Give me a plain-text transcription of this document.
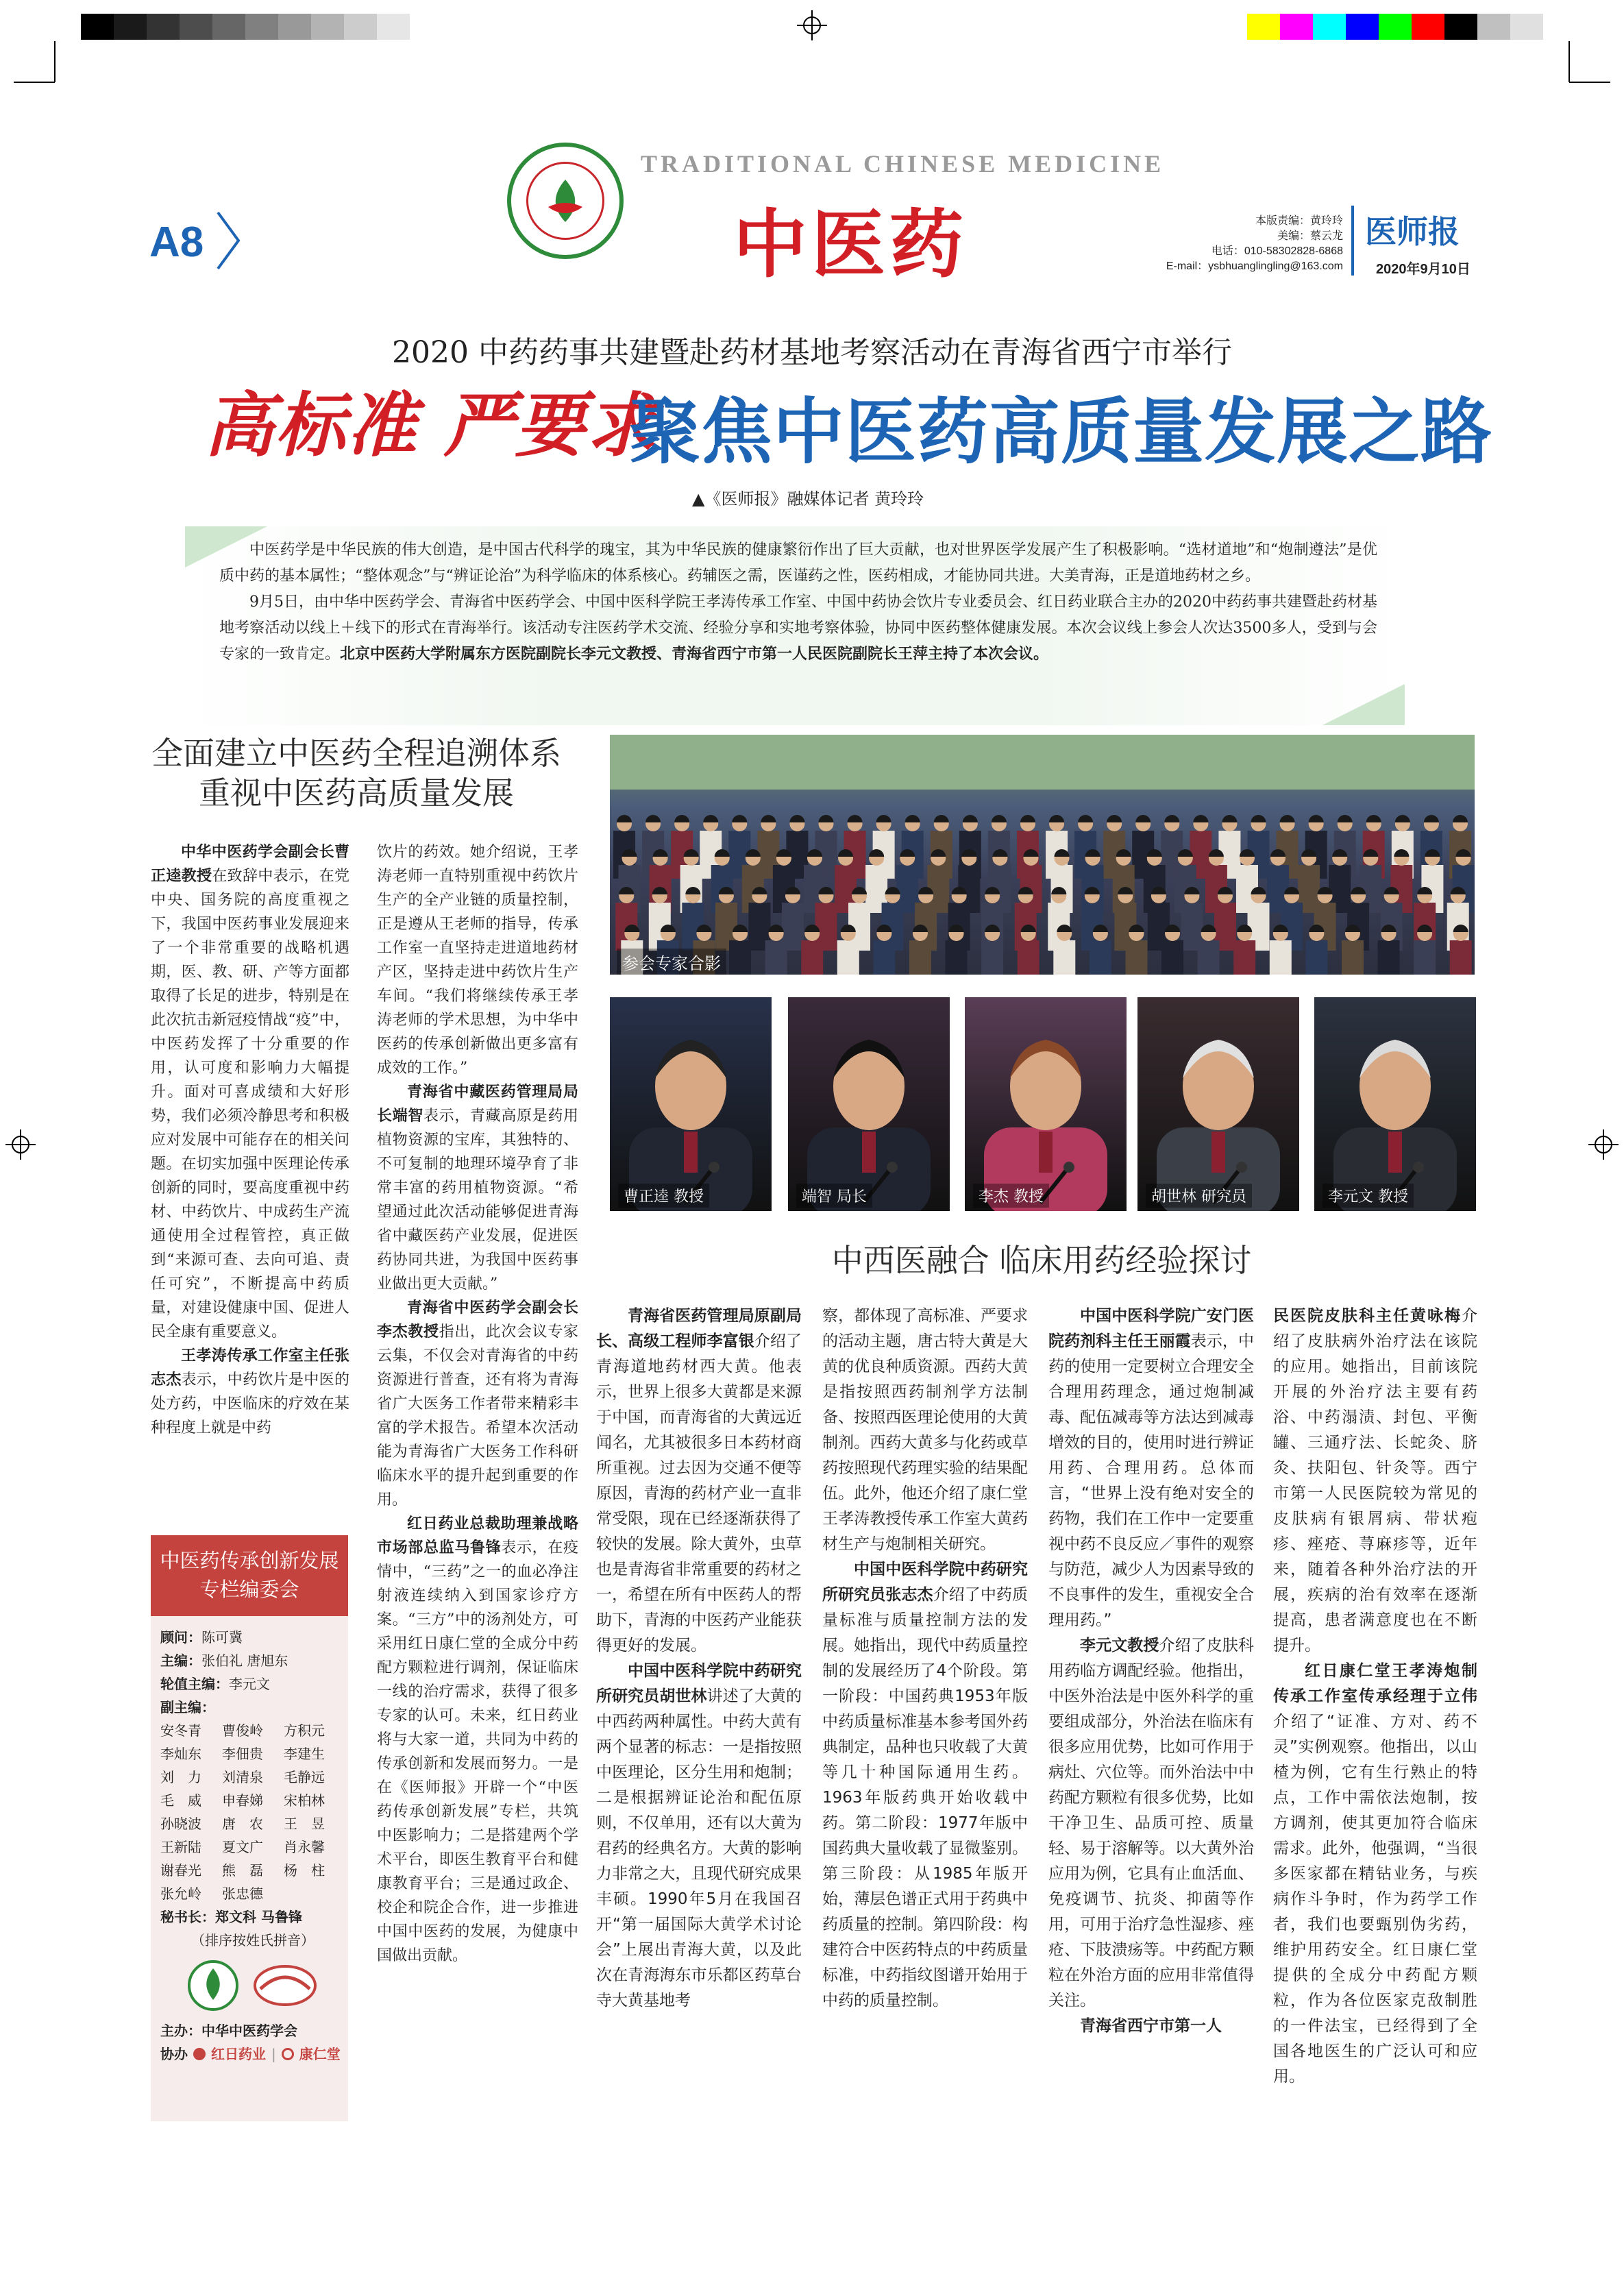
A8
TRADITIONAL CHINESE MEDICINE
中医药	本版责编：黄玲玲
美编：蔡云龙
电话：010-58302828-6868
E-mail：ysbhuanglingling@163.com
医师报
2020年9月10日
2020 中药药事共建暨赴药材基地考察活动在青海省西宁市举行
高标准 严要求
聚焦中医药高质量发展之路
▲《医师报》融媒体记者 黄玲玲

中医药学是中华民族的伟大创造，是中国古代科学的瑰宝，其为中华民族的健康繁衍作出了巨大贡献，也对世界医学发展产生了积极影响。“选材道地”和“炮制遵法”是优质中药的基本属性；“整体观念”与“辨证论治”为科学临床的体系核心。药辅医之需，医谨药之性，医药相成，才能协同共进。大美青海，正是道地药材之乡。

9月5日，由中华中医药学会、青海省中医药学会、中国中医科学院王孝涛传承工作室、中国中药协会饮片专业委员会、红日药业联合主办的2020中药药事共建暨赴药材基地考察活动以线上＋线下的形式在青海举行。该活动专注医药学术交流、经验分享和实地考察体验，协同中医药整体健康发展。本次会议线上参会人次达3500多人，受到与会专家的一致肯定。北京中医药大学附属东方医院副院长李元文教授、青海省西宁市第一人民医院副院长王萍主持了本次会议。

全面建立中医药全程追溯体系
重视中医药高质量发展

中华中医药学会副会长曹正逵教授在致辞中表示，在党中央、国务院的高度重视之下，我国中医药事业发展迎来了一个非常重要的战略机遇期，医、教、研、产等方面都取得了长足的进步，特别是在此次抗击新冠疫情战“疫”中，中医药发挥了十分重要的作用，认可度和影响力大幅提升。面对可喜成绩和大好形势，我们必须冷静思考和积极应对发展中可能存在的相关问题。在切实加强中医理论传承创新的同时，要高度重视中药材、中药饮片、中成药生产流通使用全过程管控，真正做到“来源可查、去向可追、责任可究”，不断提高中药质量，对建设健康中国、促进人民全康有重要意义。

王孝涛传承工作室主任张志杰表示，中药饮片是中医的处方药，中医临床的疗效在某种程度上就是中药

饮片的药效。她介绍说，王孝涛老师一直特别重视中药饮片生产的全产业链的质量控制，正是遵从王老师的指导，传承工作室一直坚持走进道地药材产区，坚持走进中药饮片生产车间。“我们将继续传承王孝涛老师的学术思想，为中华中医药的传承创新做出更多富有成效的工作。”

青海省中藏医药管理局局长端智表示，青藏高原是药用植物资源的宝库，其独特的、不可复制的地理环境孕育了非常丰富的药用植物资源。“希望通过此次活动能够促进青海省中藏医药产业发展，促进医药协同共进，为我国中医药事业做出更大贡献。”

青海省中医药学会副会长李杰教授指出，此次会议专家云集，不仅会对青海省的中药资源进行普查，还有将为青海省广大医务工作者带来精彩丰富的学术报告。希望本次活动能为青海省广大医务工作科研临床水平的提升起到重要的作用。

红日药业总裁助理兼战略市场部总监马鲁锋表示，在疫情中，“三药”之一的血必净注射液连续纳入到国家诊疗方案。“三方”中的汤剂处方，可采用红日康仁堂的全成分中药配方颗粒进行调剂，保证临床一线的治疗需求，获得了很多专家的认可。未来，红日药业将与大家一道，共同为中药的传承创新和发展而努力。一是在《医师报》开辟一个“中医药传承创新发展”专栏，共筑中医影响力；二是搭建两个学术平台，即医生教育平台和健康教育平台；三是通过政企、校企和院企合作，进一步推进中国中医药的发展，为健康中国做出贡献。

中医药传承创新发展专栏编委会
顾问：陈可冀
主编：张伯礼 唐旭东
轮值主编：李元文
副主编：
安冬青	曹俊岭	方积元
李灿东	李佃贵	李建生
刘　力	刘清泉	毛静远
毛　威	申春娣	宋柏林
孙晓波	唐　农	王　昱
王新陆	夏文广	肖永馨
谢春光	熊　磊	杨　柱
张允岭	张忠德
秘书长：郑文科 马鲁锋
（排序按姓氏拼音）
主办：中华中医药学会
协办 红日药业 | 康仁堂
参会专家合影
曹正逵 教授	端智 局长	李杰 教授	胡世林 研究员	李元文 教授
中西医融合 临床用药经验探讨

青海省医药管理局原副局长、高级工程师李富银介绍了青海道地药材西大黄。他表示，世界上很多大黄都是来源于中国，而青海省的大黄远近闻名，尤其被很多日本药材商所重视。过去因为交通不便等原因，青海的药材产业一直非常受限，现在已经逐渐获得了较快的发展。除大黄外，虫草也是青海省非常重要的药材之一，希望在所有中医药人的帮助下，青海的中医药产业能获得更好的发展。

中国中医科学院中药研究所研究员胡世林讲述了大黄的中西药两种属性。中药大黄有两个显著的标志：一是指按照中医理论，区分生用和炮制；二是根据辨证论治和配伍原则，不仅单用，还有以大黄为君药的经典名方。大黄的影响力非常之大，且现代研究成果丰硕。1990年5月在我国召开“第一届国际大黄学术讨论会”上展出青海大黄，以及此次在青海海东市乐都区药草台寺大黄基地考

察，都体现了高标准、严要求的活动主题，唐古特大黄是大黄的优良种质资源。西药大黄是指按照西药制剂学方法制备、按照西医理论使用的大黄制剂。西药大黄多与化药或草药按照现代药理实验的结果配伍。此外，他还介绍了康仁堂王孝涛教授传承工作室大黄药材生产与炮制相关研究。

中国中医科学院中药研究所研究员张志杰介绍了中药质量标准与质量控制方法的发展。她指出，现代中药质量控制的发展经历了4个阶段。第一阶段：中国药典1953年版中药质量标准基本参考国外药典制定，品种也只收载了大黄等几十种国际通用生药。1963年版药典开始收载中药。第二阶段：1977年版中国药典大量收载了显微鉴别。第三阶段：从1985年版开始，薄层色谱正式用于药典中药质量的控制。第四阶段：构建符合中医药特点的中药质量标准，中药指纹图谱开始用于中药的质量控制。

中国中医科学院广安门医院药剂科主任王丽霞表示，中药的使用一定要树立合理安全合理用药理念，通过炮制减毒、配伍减毒等方法达到减毒增效的目的，使用时进行辨证用药、合理用药。总体而言，“世界上没有绝对安全的药物，我们在工作中一定要重视中药不良反应／事件的观察与防范，减少人为因素导致的不良事件的发生，重视安全合理用药。”

李元文教授介绍了皮肤科用药临方调配经验。他指出，中医外治法是中医外科学的重要组成部分，外治法在临床有很多应用优势，比如可作用于病灶、穴位等。而外治法中中药配方颗粒有很多优势，比如干净卫生、品质可控、质量轻、易于溶解等。以大黄外治应用为例，它具有止血活血、免疫调节、抗炎、抑菌等作用，可用于治疗急性湿疹、痤疮、下肢溃疡等。中药配方颗粒在外治方面的应用非常值得关注。

青海省西宁市第一人

民医院皮肤科主任黄咏梅介绍了皮肤病外治疗法在该院的应用。她指出，目前该院开展的外治疗法主要有药浴、中药溻渍、封包、平衡罐、三通疗法、长蛇灸、脐灸、扶阳包、针灸等。西宁市第一人民医院较为常见的皮肤病有银屑病、带状疱疹、痤疮、荨麻疹等，近年来，随着各种外治疗法的开展，疾病的治有效率在逐渐提高，患者满意度也在不断提升。

红日康仁堂王孝涛炮制传承工作室传承经理于立伟介绍了“证准、方对、药不灵”实例观察。他指出，以山楂为例，它有生行熟止的特点，工作中需依法炮制，按方调剂，使其更加符合临床需求。此外，他强调，“当很多医家都在精钻业务，与疾病作斗争时，作为药学工作者，我们也要甄别伪劣药，维护用药安全。红日康仁堂提供的全成分中药配方颗粒，作为各位医家克敌制胜的一件法宝，已经得到了全国各地医生的广泛认可和应用。
